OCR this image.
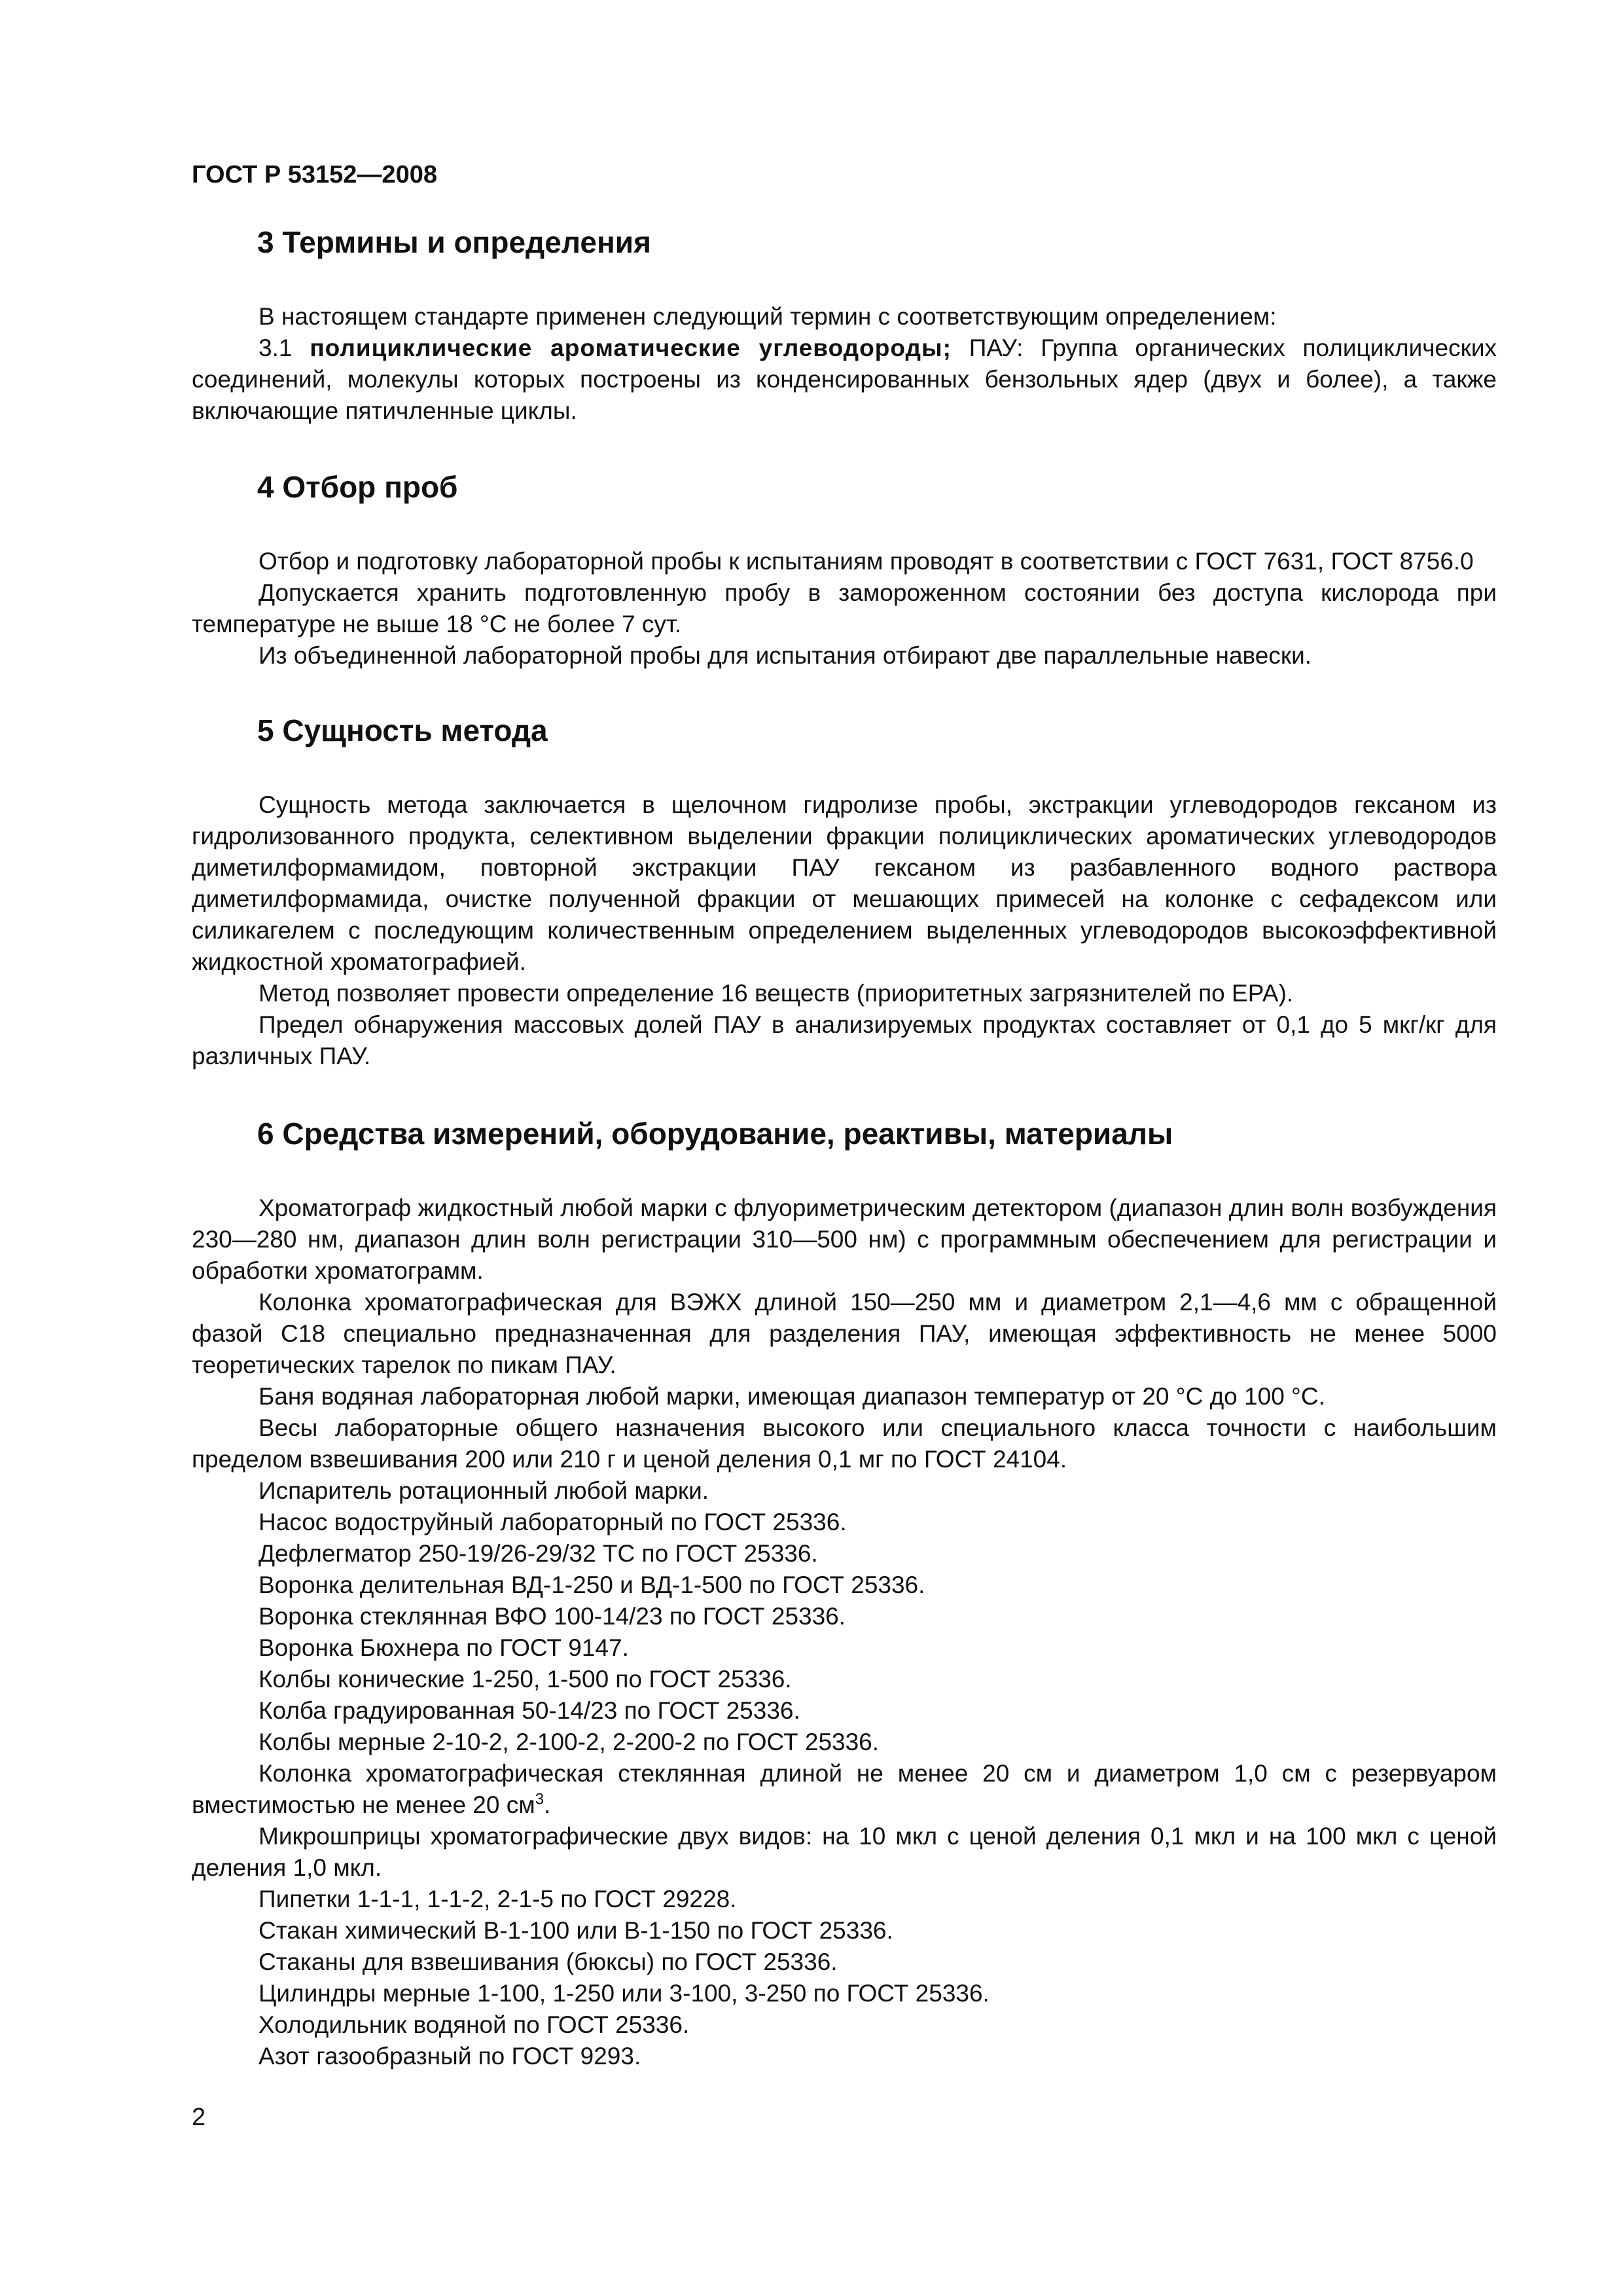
ГОСТ Р 53152—2008

3 Термины и определения

В настоящем стандарте применен следующий термин с соответствующим определением:

3.1 полициклические ароматические углеводороды; ПАУ: Группа органических полициклических соединений, молекулы которых построены из конденсированных бензольных ядер (двух и более), а также включающие пятичленные циклы.

4 Отбор проб

Отбор и подготовку лабораторной пробы к испытаниям проводят в соответствии с ГОСТ 7631, ГОСТ 8756.0

Допускается хранить подготовленную пробу в замороженном состоянии без доступа кислорода при температуре не выше 18 °С не более 7 сут.

Из объединенной лабораторной пробы для испытания отбирают две параллельные навески.

5 Сущность метода

Сущность метода заключается в щелочном гидролизе пробы, экстракции углеводородов гексаном из гидролизованного продукта, селективном выделении фракции полициклических ароматических углеводородов диметилформамидом, повторной экстракции ПАУ гексаном из разбавленного водного раствора диметилформамида, очистке полученной фракции от мешающих примесей на колонке с сефадексом или силикагелем с последующим количественным определением выделенных углеводородов высокоэффективной жидкостной хроматографией.

Метод позволяет провести определение 16 веществ (приоритетных загрязнителей по ЕРА).

Предел обнаружения массовых долей ПАУ в анализируемых продуктах составляет от 0,1 до 5 мкг/кг для различных ПАУ.

6 Средства измерений, оборудование, реактивы, материалы

Хроматограф жидкостный любой марки с флуориметрическим детектором (диапазон длин волн возбуждения 230—280 нм, диапазон длин волн регистрации 310—500 нм) с программным обеспечением для регистрации и обработки хроматограмм.

Колонка хроматографическая для ВЭЖХ длиной 150—250 мм и диаметром 2,1—4,6 мм с обращенной фазой С18 специально предназначенная для разделения ПАУ, имеющая эффективность не менее 5000 теоретических тарелок по пикам ПАУ.

Баня водяная лабораторная любой марки, имеющая диапазон температур от 20 °С до 100 °С.

Весы лабораторные общего назначения высокого или специального класса точности с наибольшим пределом взвешивания 200 или 210 г и ценой деления 0,1 мг по ГОСТ 24104.

Испаритель ротационный любой марки.

Насос водоструйный лабораторный по ГОСТ 25336.

Дефлегматор 250-19/26-29/32 ТС по ГОСТ 25336.

Воронка делительная ВД-1-250 и ВД-1-500 по ГОСТ 25336.

Воронка стеклянная ВФО 100-14/23 по ГОСТ 25336.

Воронка Бюхнера по ГОСТ 9147.

Колбы конические 1-250, 1-500 по ГОСТ 25336.

Колба градуированная 50-14/23 по ГОСТ 25336.

Колбы мерные 2-10-2, 2-100-2, 2-200-2 по ГОСТ 25336.

Колонка хроматографическая стеклянная длиной не менее 20 см и диаметром 1,0 см с резервуаром вместимостью не менее 20 $см^3$.

Микрошприцы хроматографические двух видов: на 10 мкл с ценой деления 0,1 мкл и на 100 мкл с ценой деления 1,0 мкл.

Пипетки 1-1-1, 1-1-2, 2-1-5 по ГОСТ 29228.

Стакан химический В-1-100 или В-1-150 по ГОСТ 25336.

Стаканы для взвешивания (бюксы) по ГОСТ 25336.

Цилиндры мерные 1-100, 1-250 или 3-100, 3-250 по ГОСТ 25336.

Холодильник водяной по ГОСТ 25336.

Азот газообразный по ГОСТ 9293.

2
